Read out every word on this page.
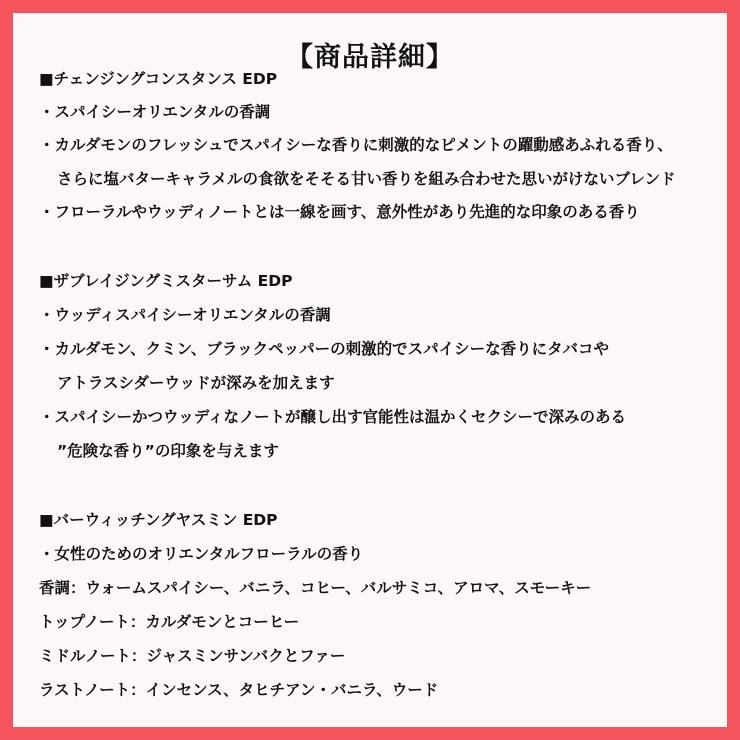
【商品詳細】
■チェンジングコンスタンス EDP
・スパイシーオリエンタルの香調
・カルダモンのフレッシュでスパイシーな香りに刺激的なピメントの躍動感あふれる香り、
さらに塩バターキャラメルの食欲をそそる甘い香りを組み合わせた思いがけないブレンド
・フローラルやウッディノートとは一線を画す、意外性があり先進的な印象のある香り
■ザブレイジングミスターサム EDP
・ウッディスパイシーオリエンタルの香調
・カルダモン、クミン、ブラックペッパーの刺激的でスパイシーな香りにタバコや
アトラスシダーウッドが深みを加えます
・スパイシーかつウッディなノートが醸し出す官能性は温かくセクシーで深みのある
”危険な香り”の印象を与えます
■バーウィッチングヤスミン EDP
・女性のためのオリエンタルフローラルの香り
香調：ウォームスパイシー、バニラ、コヒー、バルサミコ、アロマ、スモーキー
トップノート：カルダモンとコーヒー
ミドルノート：ジャスミンサンバクとファー
ラストノート：インセンス、タヒチアン・バニラ、ウード
